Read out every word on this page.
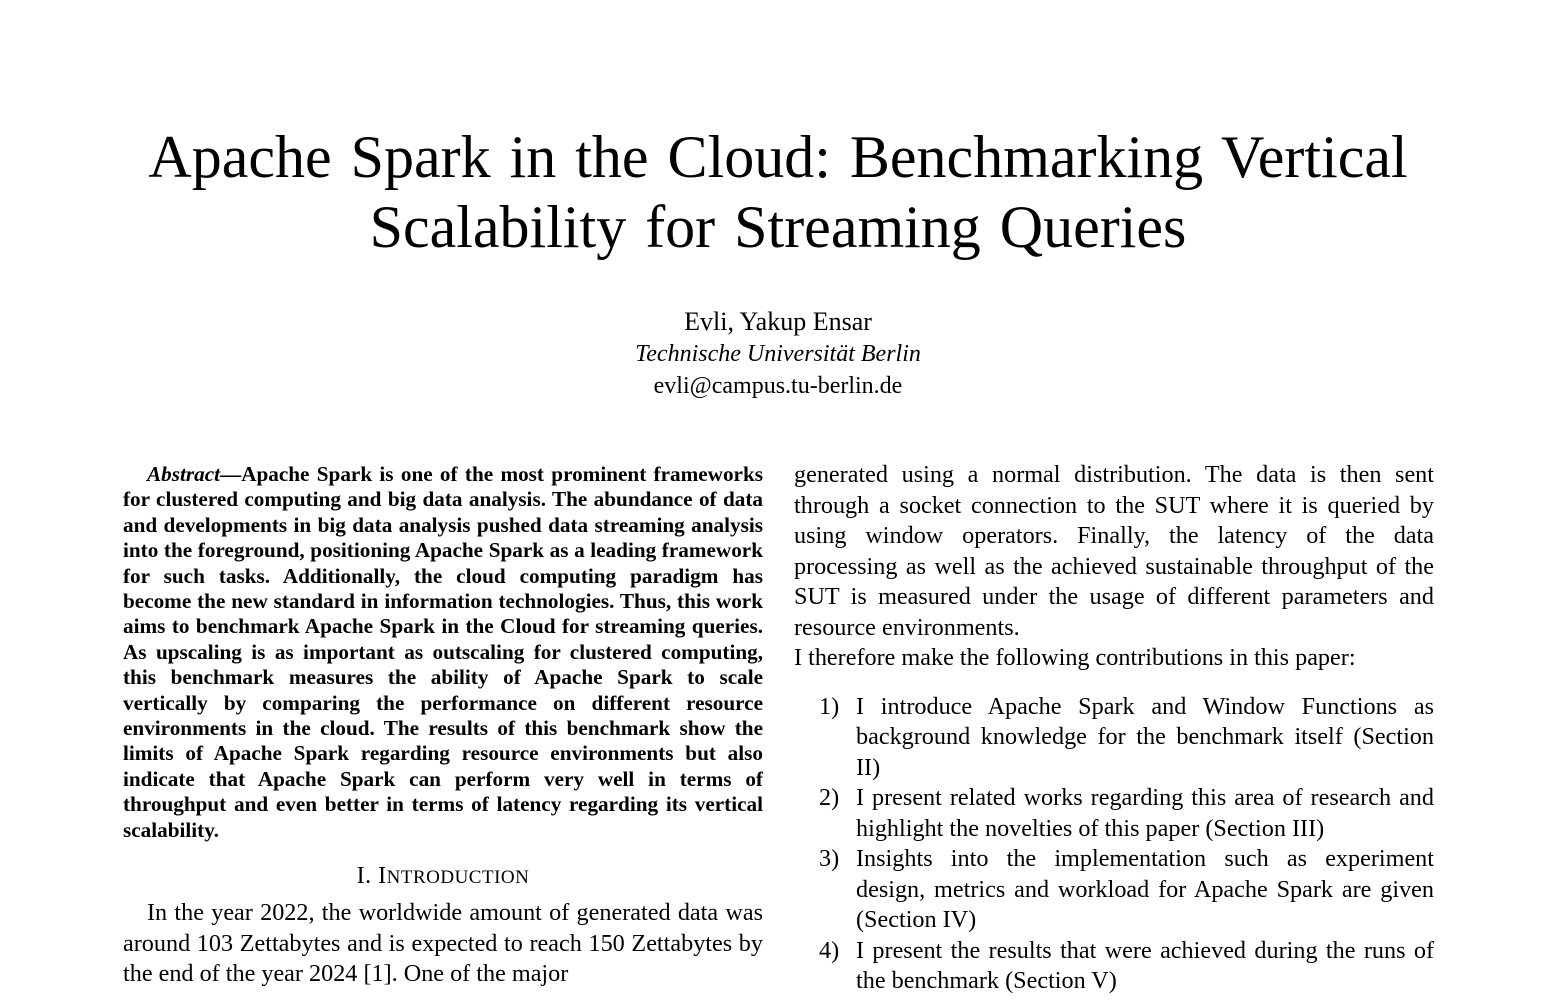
Apache Spark in the Cloud: Benchmarking Vertical
Scalability for Streaming Queries
Evli, Yakup Ensar
Technische Universität Berlin
evli@campus.tu-berlin.de

Abstract—Apache Spark is one of the most prominent frameworks for clustered computing and big data analysis. The abundance of data and developments in big data analysis pushed data streaming analysis into the foreground, positioning Apache Spark as a leading framework for such tasks. Additionally, the cloud computing paradigm has become the new standard in information technologies. Thus, this work aims to benchmark Apache Spark in the Cloud for streaming queries. As upscaling is as important as outscaling for clustered computing, this benchmark measures the ability of Apache Spark to scale vertically by comparing the performance on different resource environments in the cloud. The results of this benchmark show the limits of Apache Spark regarding resource environments but also indicate that Apache Spark can perform very well in terms of throughput and even better in terms of latency regarding its vertical scalability.

I. INTRODUCTION

In the year 2022, the worldwide amount of generated data was around 103 Zettabytes and is expected to reach 150 Zettabytes by the end of the year 2024 [1]. One of the major

generated using a normal distribution. The data is then sent through a socket connection to the SUT where it is queried by using window operators. Finally, the latency of the data processing as well as the achieved sustainable throughput of the SUT is measured under the usage of different parameters and resource environments.

I therefore make the following contributions in this paper:

1) I introduce Apache Spark and Window Functions as background knowledge for the benchmark itself (Section II)
2) I present related works regarding this area of research and highlight the novelties of this paper (Section III)
3) Insights into the implementation such as experiment design, metrics and workload for Apache Spark are given (Section IV)
4) I present the results that were achieved during the runs of the benchmark (Section V)
